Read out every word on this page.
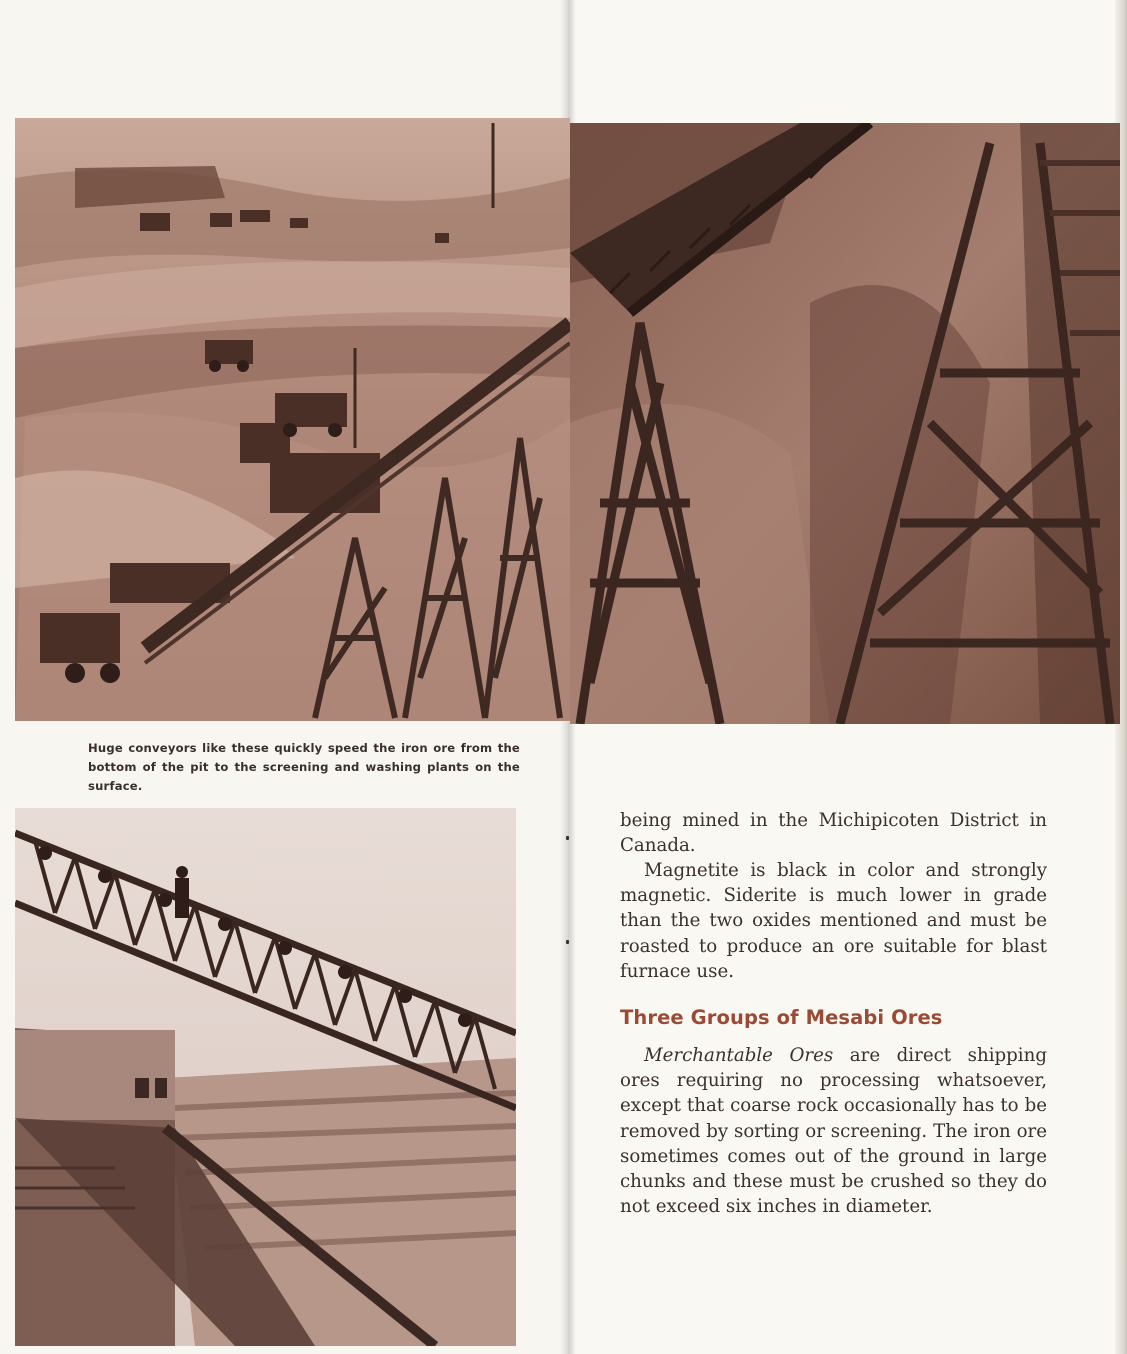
Huge conveyors like these quickly speed the iron ore from the bottom of the pit to the screening and washing plants on the surface.

being mined in the Michipicoten District in Canada.

Magnetite is black in color and strongly magnetic. Siderite is much lower in grade than the two oxides mentioned and must be roasted to produce an ore suitable for blast furnace use.

Three Groups of Mesabi Ores

Merchantable Ores are direct shipping ores requiring no processing whatsoever, except that coarse rock occasionally has to be removed by sorting or screening. The iron ore sometimes comes out of the ground in large chunks and these must be crushed so they do not exceed six inches in diameter.
